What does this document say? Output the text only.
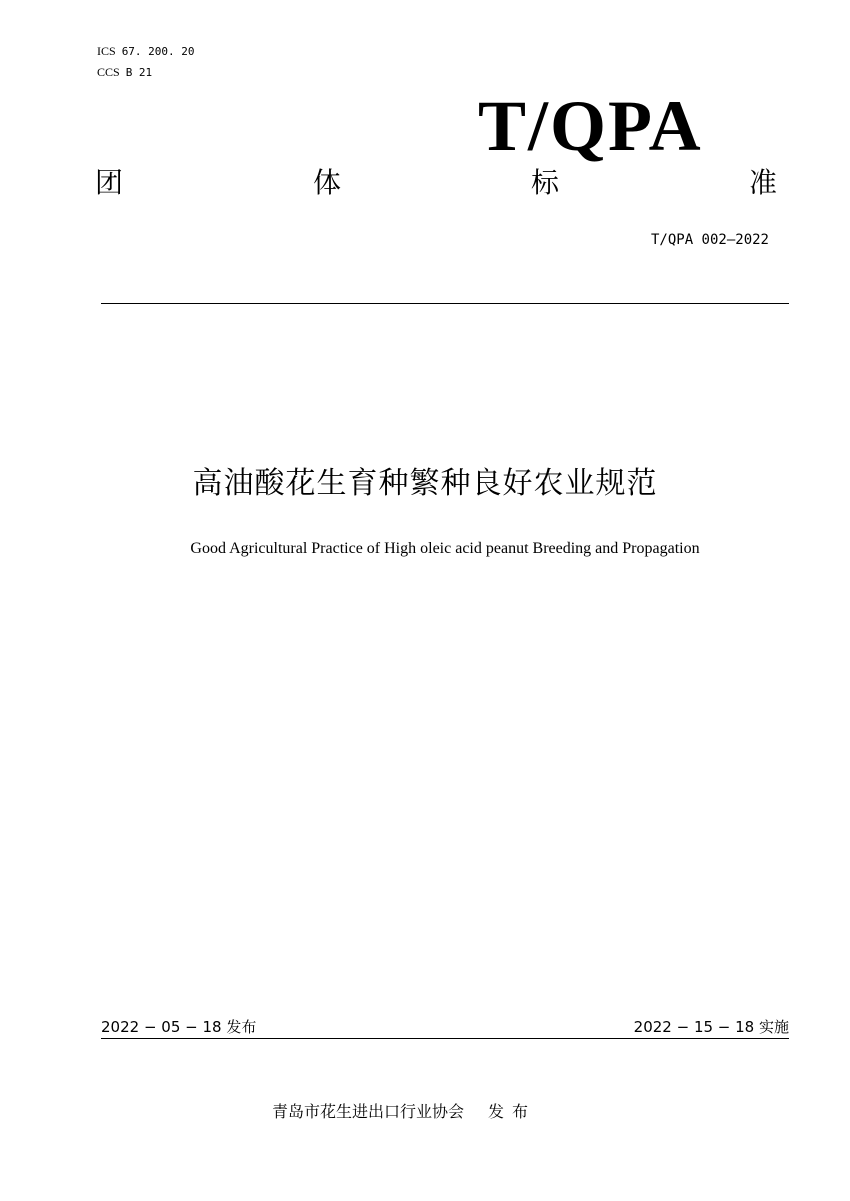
ICS 67. 200. 20
CCS B 21
T/QPA
团	体	标	准
T/QPA 002—2022
高油酸花生育种繁种良好农业规范
Good Agricultural Practice of High oleic acid peanut Breeding and Propagation
2022 − 05 − 18 发布	2022 − 15 − 18 实施
青岛市花生进出口行业协会 发布
